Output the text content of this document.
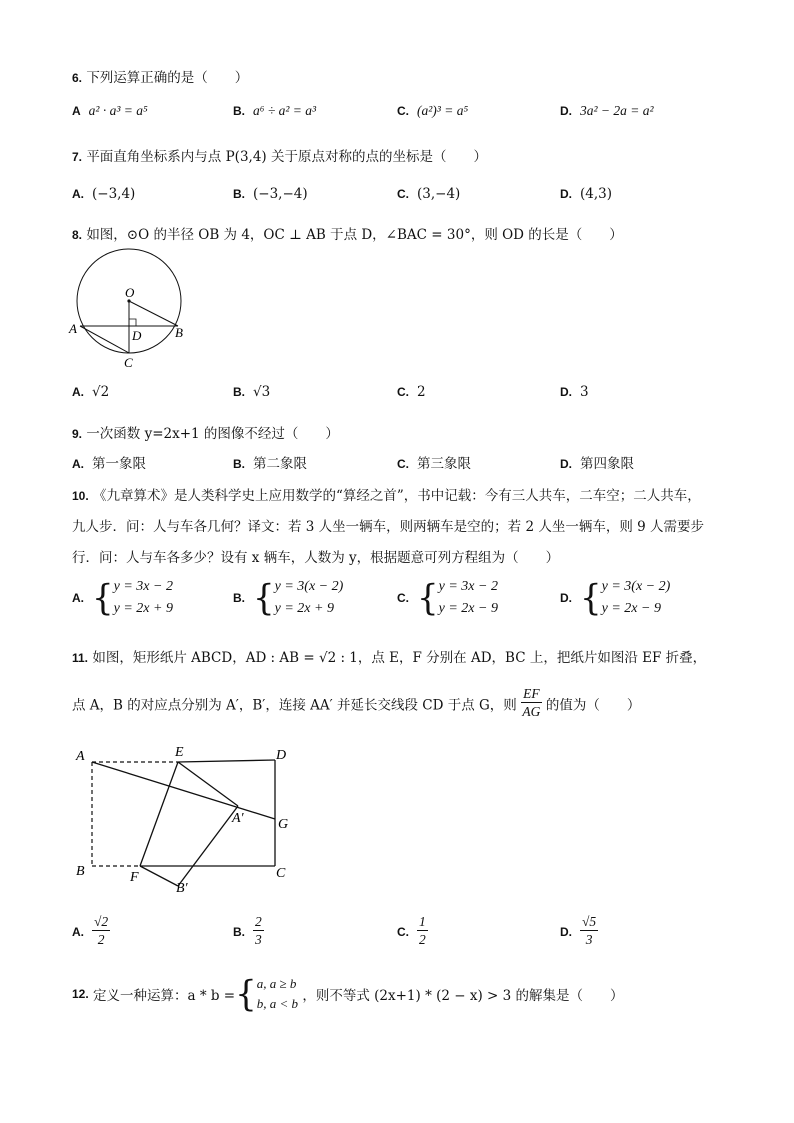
6. 下列运算正确的是（　　）
A a² · a³ = a⁵	B. a⁶ ÷ a² = a³	C. (a²)³ = a⁵	D. 3a² − 2a = a²
7. 平面直角坐标系内与点 P(3,4) 关于原点对称的点的坐标是（　　）
A. (−3,4)	B. (−3,−4)	C. (3,−4)	D. (4,3)
8. 如图，⊙O 的半径 OB 为 4，OC ⊥ AB 于点 D，∠BAC = 30°，则 OD 的长是（　　）
O
A	B
D
C
A. √2	B. √3	C. 2	D. 3
9. 一次函数 y=2x+1 的图像不经过（　　）
A. 第一象限	B. 第二象限	C. 第三象限	D. 第四象限
10. 《九章算术》是人类科学史上应用数学的“算经之首”，书中记载：今有三人共车，二车空；二人共车，
九人步．问：人与车各几何？译文：若 3 人坐一辆车，则两辆车是空的；若 2 人坐一辆车，则 9 人需要步
行．问：人与车各多少？设有 x 辆车，人数为 y，根据题意可列方程组为（　　）
A. {y = 3x − 2
y = 2x + 9
B. {y = 3(x − 2)
y = 2x + 9
C. {y = 3x − 2
y = 2x − 9
D. {y = 3(x − 2)
y = 2x − 9
11. 如图，矩形纸片 ABCD，AD : AB = √2 : 1，点 E，F 分别在 AD，BC 上，把纸片如图沿 EF 折叠，
点 A，B 的对应点分别为 A′，B′，连接 AA′ 并延长交线段 CD 于点 G，则 $\frac{EF}{AG}$ 的值为（　　）
A	E	D
A′ G
B	F
B′
C
A. $\frac{√2}{2}$	B. $\frac{2}{3}$	C. $\frac{1}{2}$	D. $\frac{√5}{3}$
12. 定义一种运算：a * b ={a, a ≥ b
b, a < b ，则不等式 (2x+1) * (2 − x) > 3 的解集是（　　）
